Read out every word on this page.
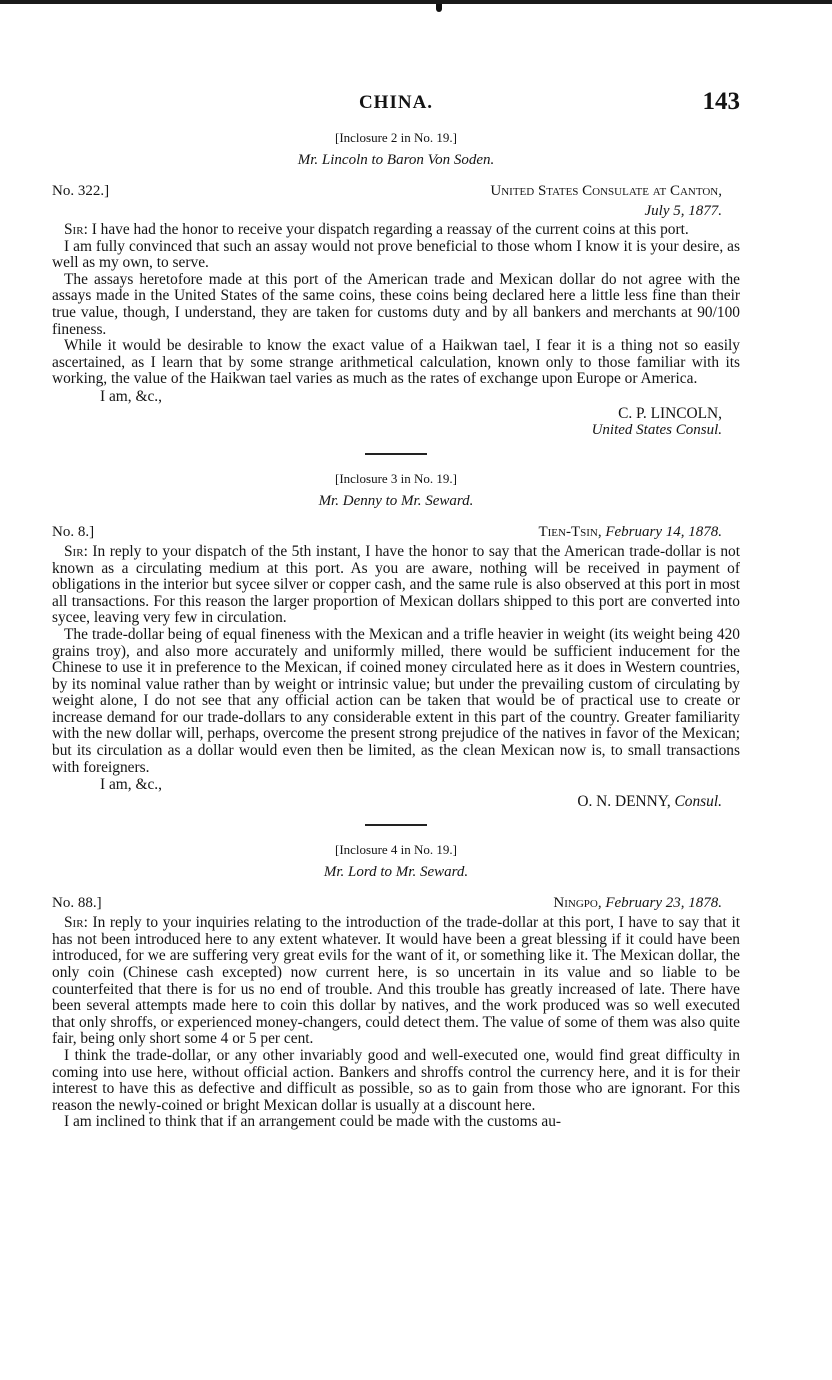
CHINA.	143
[Inclosure 2 in No. 19.]
Mr. Lincoln to Baron Von Soden.
No. 322.]	United States Consulate at Canton,
July 5, 1877.

Sir: I have had the honor to receive your dispatch regarding a reassay of the current coins at this port.

I am fully convinced that such an assay would not prove beneficial to those whom I know it is your desire, as well as my own, to serve.

The assays heretofore made at this port of the American trade and Mexican dollar do not agree with the assays made in the United States of the same coins, these coins being declared here a little less fine than their true value, though, I understand, they are taken for customs duty and by all bankers and merchants at 90/100 fineness.

While it would be desirable to know the exact value of a Haikwan tael, I fear it is a thing not so easily ascertained, as I learn that by some strange arithmetical calculation, known only to those familiar with its working, the value of the Haikwan tael varies as much as the rates of exchange upon Europe or America.

I am, &c.,
C. P. LINCOLN,
United States Consul.
[Inclosure 3 in No. 19.]
Mr. Denny to Mr. Seward.
No. 8.]	Tien-Tsin, February 14, 1878.

Sir: In reply to your dispatch of the 5th instant, I have the honor to say that the American trade-dollar is not known as a circulating medium at this port. As you are aware, nothing will be received in payment of obligations in the interior but sycee silver or copper cash, and the same rule is also observed at this port in most all transactions. For this reason the larger proportion of Mexican dollars shipped to this port are converted into sycee, leaving very few in circulation.

The trade-dollar being of equal fineness with the Mexican and a trifle heavier in weight (its weight being 420 grains troy), and also more accurately and uniformly milled, there would be sufficient inducement for the Chinese to use it in preference to the Mexican, if coined money circulated here as it does in Western countries, by its nominal value rather than by weight or intrinsic value; but under the prevailing custom of circulating by weight alone, I do not see that any official action can be taken that would be of practical use to create or increase demand for our trade-dollars to any considerable extent in this part of the country. Greater familiarity with the new dollar will, perhaps, overcome the present strong prejudice of the natives in favor of the Mexican; but its circulation as a dollar would even then be limited, as the clean Mexican now is, to small transactions with foreigners.

I am, &c.,
O. N. DENNY, Consul.
[Inclosure 4 in No. 19.]
Mr. Lord to Mr. Seward.
No. 88.]	Ningpo, February 23, 1878.

Sir: In reply to your inquiries relating to the introduction of the trade-dollar at this port, I have to say that it has not been introduced here to any extent whatever. It would have been a great blessing if it could have been introduced, for we are suffering very great evils for the want of it, or something like it. The Mexican dollar, the only coin (Chinese cash excepted) now current here, is so uncertain in its value and so liable to be counterfeited that there is for us no end of trouble. And this trouble has greatly increased of late. There have been several attempts made here to coin this dollar by natives, and the work produced was so well executed that only shroffs, or experienced money-changers, could detect them. The value of some of them was also quite fair, being only short some 4 or 5 per cent.

I think the trade-dollar, or any other invariably good and well-executed one, would find great difficulty in coming into use here, without official action. Bankers and shroffs control the currency here, and it is for their interest to have this as defective and difficult as possible, so as to gain from those who are ignorant. For this reason the newly-coined or bright Mexican dollar is usually at a discount here.

I am inclined to think that if an arrangement could be made with the customs au-
